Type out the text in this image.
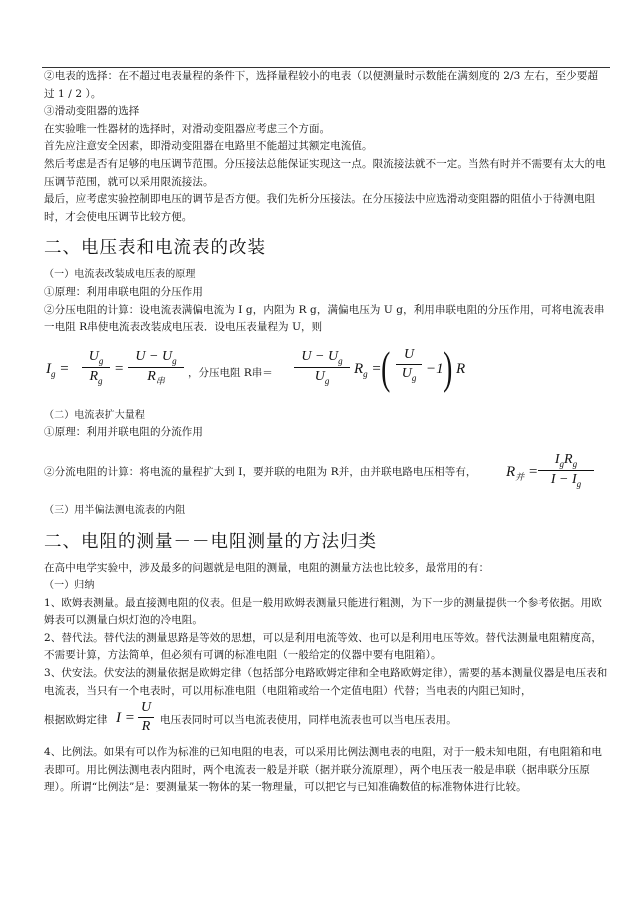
②电表的选择：在不超过电表量程的条件下，选择量程较小的电表（以便测量时示数能在满刻度的 2/3 左右，至少要超过 1 / 2 ）。

③滑动变阻器的选择

在实验唯一性器材的选择时，对滑动变阻器应考虑三个方面。

首先应注意安全因素，即滑动变阻器在电路里不能超过其额定电流值。

然后考虑是否有足够的电压调节范围。分压接法总能保证实现这一点。限流接法就不一定。当然有时并不需要有太大的电压调节范围，就可以采用限流接法。

最后，应考虑实验控制即电压的调节是否方便。我们先析分压接法。在分压接法中应选滑动变阻器的阻值小于待测电阻时，才会使电压调节比较方便。

二、电压表和电流表的改装

（一）电流表改装成电压表的原理

①原理：利用串联电阻的分压作用

②分压电阻的计算：设电流表满偏电流为 I g，内阻为 R g，满偏电压为 U g，利用串联电阻的分压作用，可将电流表串一电阻 R串使电流表改装成电压表．设电压表量程为 U，则

$I_g = \frac{U_g}{R_g}$ =
$U - U_g$
$R_串$
，分压电阻 R串＝ $\frac{U - U_g}{U_g} R_g$ = ( $\frac{U}{U_g} -1$ ) R

（二）电流表扩大量程

①原理：利用并联电阻的分流作用

②分流电阻的计算：将电流的量程扩大到 I，要并联的电阻为 R并，由并联电路电压相等有，	$R_并$ =
$I_gR_g$
$I - I_g$

（三）用半偏法测电流表的内阻

二、电阻的测量－－电阻测量的方法归类

在高中电学实验中，涉及最多的问题就是电阻的测量，电阻的测量方法也比较多，最常用的有：

（一）归纳

1、欧姆表测量。最直接测电阻的仪表。但是一般用欧姆表测量只能进行粗测，为下一步的测量提供一个参考依据。用欧姆表可以测量白炽灯泡的冷电阻。

2、替代法。替代法的测量思路是等效的思想，可以是利用电流等效、也可以是利用电压等效。替代法测量电阻精度高，不需要计算，方法简单，但必须有可调的标准电阻（一般给定的仪器中要有电阻箱）。

3、伏安法。伏安法的测量依据是欧姆定律（包括部分电路欧姆定律和全电路欧姆定律），需要的基本测量仪器是电压表和电流表，当只有一个电表时，可以用标准电阻（电阻箱或给一个定值电阻）代替；当电表的内阻已知时，

根据欧姆定律 $I = \frac{U}{R}$ 电压表同时可以当电流表使用，同样电流表也可以当电压表用。

4、比例法。如果有可以作为标准的已知电阻的电表，可以采用比例法测电表的电阻，对于一般未知电阻，有电阻箱和电表即可。用比例法测电表内阻时，两个电流表一般是并联（据并联分流原理），两个电压表一般是串联（据串联分压原理）。所谓“比例法”是：要测量某一物体的某一物理量，可以把它与已知准确数值的标准物体进行比较。
